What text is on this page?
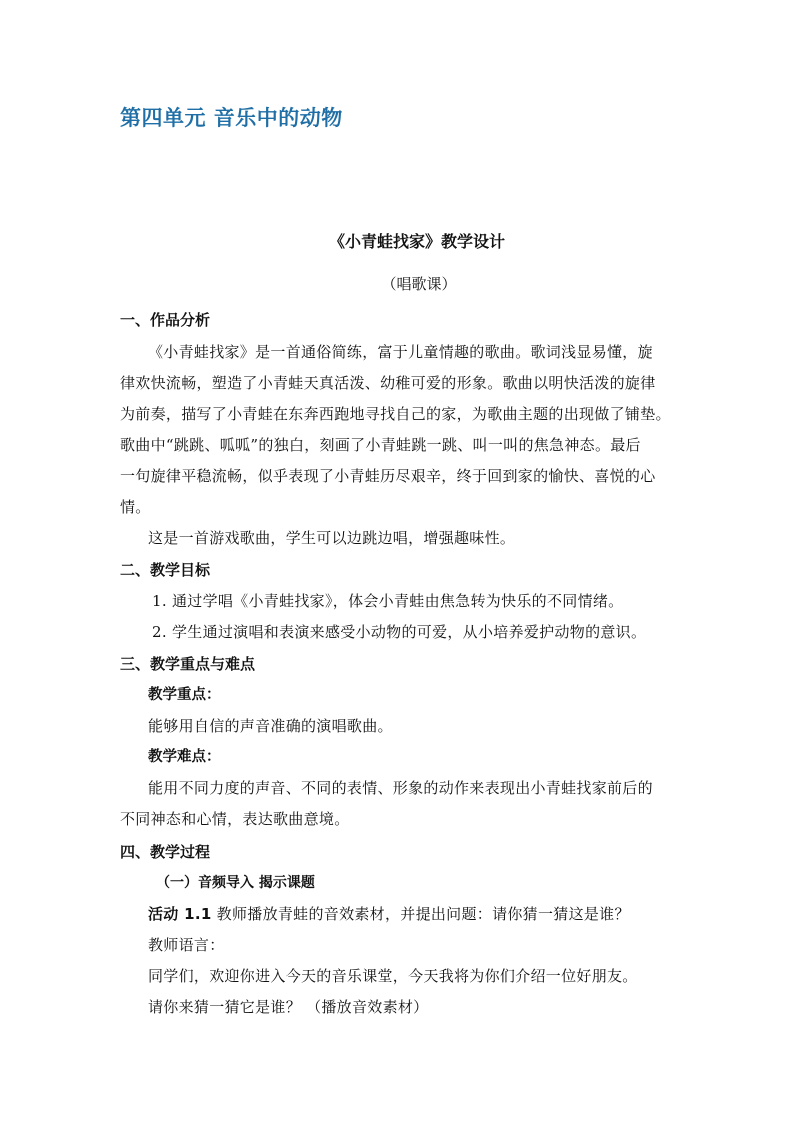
第四单元 音乐中的动物
《小青蛙找家》教学设计
（唱歌课）
一、作品分析
《小青蛙找家》是一首通俗简练，富于儿童情趣的歌曲。歌词浅显易懂，旋
律欢快流畅，塑造了小青蛙天真活泼、幼稚可爱的形象。歌曲以明快活泼的旋律
为前奏，描写了小青蛙在东奔西跑地寻找自己的家，为歌曲主题的出现做了铺垫。
歌曲中“跳跳、呱呱”的独白，刻画了小青蛙跳一跳、叫一叫的焦急神态。最后
一句旋律平稳流畅，似乎表现了小青蛙历尽艰辛，终于回到家的愉快、喜悦的心
情。
这是一首游戏歌曲，学生可以边跳边唱，增强趣味性。
二、教学目标
1. 通过学唱《小青蛙找家》，体会小青蛙由焦急转为快乐的不同情绪。
2. 学生通过演唱和表演来感受小动物的可爱，从小培养爱护动物的意识。
三、教学重点与难点
教学重点：
能够用自信的声音准确的演唱歌曲。
教学难点：
能用不同力度的声音、不同的表情、形象的动作来表现出小青蛙找家前后的
不同神态和心情，表达歌曲意境。
四、教学过程
（一）音频导入 揭示课题
活动 1.1 教师播放青蛙的音效素材，并提出问题：请你猜一猜这是谁？
教师语言：
同学们，欢迎你进入今天的音乐课堂，今天我将为你们介绍一位好朋友。
请你来猜一猜它是谁？ （播放音效素材）
